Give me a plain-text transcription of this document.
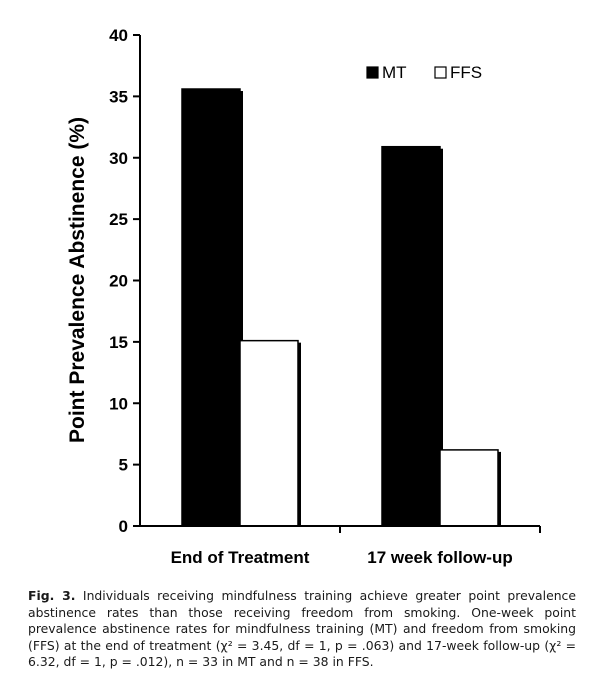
0
5
10
15
20
25
30
35
40
End of Treatment	17 week follow-up
Point Prevalence Abstinence (%)
MT	FFS
Fig. 3. Individuals receiving mindfulness training achieve greater point prevalence abstinence rates than those receiving freedom from smoking. One-week point prevalence abstinence rates for mindfulness training (MT) and freedom from smoking (FFS) at the end of treatment (χ² = 3.45, df = 1, p = .063) and 17-week follow-up (χ² = 6.32, df = 1, p = .012), n = 33 in MT and n = 38 in FFS.
